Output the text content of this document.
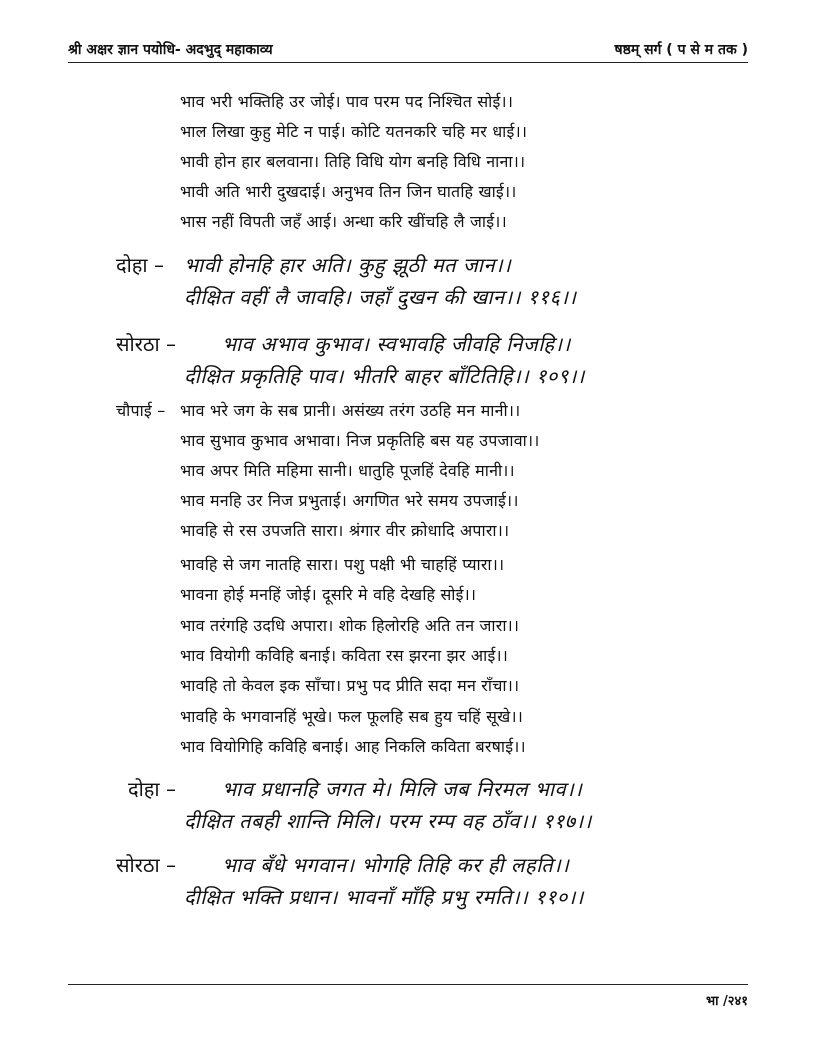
श्री अक्षर ज्ञान पयोधि- अदभुद् महाकाव्य	षष्ठम् सर्ग ( प से म तक )
भाव भरी भक्तिहि उर जोई। पाव परम पद निश्चित सोई।।
भाल लिखा कुहु मेटि न पाई। कोटि यतनकरि चहि मर धाई।।
भावी होन हार बलवाना। तिहि विधि योग बनहि विधि नाना।।
भावी अति भारी दुखदाई। अनुभव तिन जिन घातहि खाई।।
भास नहीं विपती जहँ आई। अन्धा करि खींचहि लै जाई।।
दोहा – भावी होनहि हार अति। कुहु झूठी मत जान।।
दीक्षित वहीं लै जावहि। जहाँ दुखन की खान।। ११६।।
सोरठा – भाव अभाव कुभाव। स्वभावहि जीवहि निजहि।।
दीक्षित प्रकृतिहि पाव। भीतरि बाहर बाँटितिहि।। १०९।।
चौपाई – भाव भरे जग के सब प्रानी। असंख्य तरंग उठहि मन मानी।।
भाव सुभाव कुभाव अभावा। निज प्रकृतिहि बस यह उपजावा।।
भाव अपर मिति महिमा सानी। धातुहि पूजहिं देवहि मानी।।
भाव मनहि उर निज प्रभुताई। अगणित भरे समय उपजाई।।
भावहि से रस उपजति सारा। श्रंगार वीर क्रोधादि अपारा।।
भावहि से जग नातहि सारा। पशु पक्षी भी चाहहिं प्यारा।।
भावना होई मनहिं जोई। दूसरि मे वहि देखहि सोई।।
भाव तरंगहि उदधि अपारा। शोक हिलोरहि अति तन जारा।।
भाव वियोगी कविहि बनाई। कविता रस झरना झर आई।।
भावहि तो केवल इक साँचा। प्रभु पद प्रीति सदा मन राँचा।।
भावहि के भगवानहिं भूखे। फल फूलहि सब हुय चहिं सूखे।।
भाव वियोगिहि कविहि बनाई। आह निकलि कविता बरषाई।।
दोहा – भाव प्रधानहि जगत मे। मिलि जब निरमल भाव।।
दीक्षित तबही शान्ति मिलि। परम रम्प वह ठाँव।। ११७।।
सोरठा – भाव बँधे भगवान। भोगहि तिहि कर ही लहति।।
दीक्षित भक्ति प्रधान। भावनाँ माँहि प्रभु रमति।। ११०।।
भा /२४१
